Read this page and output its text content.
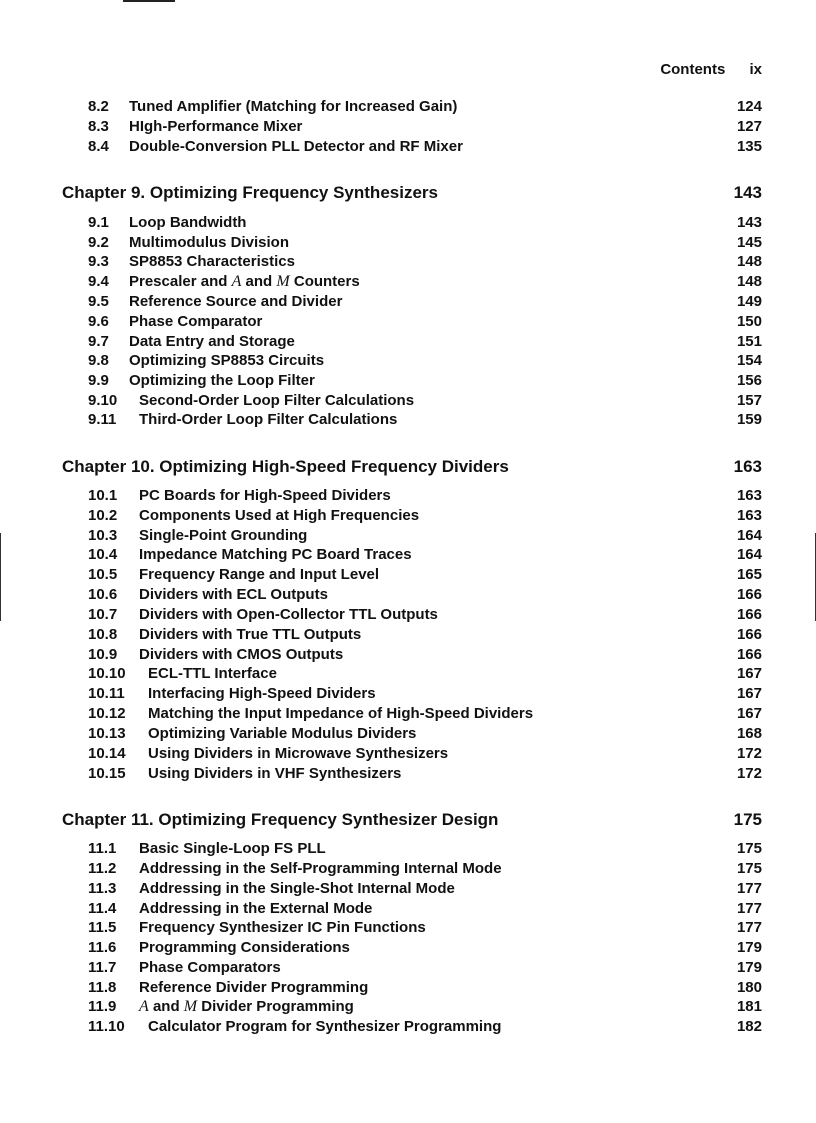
Contents ix
8.2 Tuned Amplifier (Matching for Increased Gain)	124
8.3 HIgh-Performance Mixer	127
8.4 Double-Conversion PLL Detector and RF Mixer	135
Chapter 9. Optimizing Frequency Synthesizers	143
9.1 Loop Bandwidth	143
9.2 Multimodulus Division	145
9.3 SP8853 Characteristics	148
9.4 Prescaler and A and M Counters	148
9.5 Reference Source and Divider	149
9.6 Phase Comparator	150
9.7 Data Entry and Storage	151
9.8 Optimizing SP8853 Circuits	154
9.9 Optimizing the Loop Filter	156
9.10 Second-Order Loop Filter Calculations	157
9.11 Third-Order Loop Filter Calculations	159
Chapter 10. Optimizing High-Speed Frequency Dividers	163
10.1 PC Boards for High-Speed Dividers	163
10.2 Components Used at High Frequencies	163
10.3 Single-Point Grounding	164
10.4 Impedance Matching PC Board Traces	164
10.5 Frequency Range and Input Level	165
10.6 Dividers with ECL Outputs	166
10.7 Dividers with Open-Collector TTL Outputs	166
10.8 Dividers with True TTL Outputs	166
10.9 Dividers with CMOS Outputs	166
10.10 ECL-TTL Interface	167
10.11 Interfacing High-Speed Dividers	167
10.12 Matching the Input Impedance of High-Speed Dividers	167
10.13 Optimizing Variable Modulus Dividers	168
10.14 Using Dividers in Microwave Synthesizers	172
10.15 Using Dividers in VHF Synthesizers	172
Chapter 11. Optimizing Frequency Synthesizer Design	175
11.1 Basic Single-Loop FS PLL	175
11.2 Addressing in the Self-Programming Internal Mode	175
11.3 Addressing in the Single-Shot Internal Mode	177
11.4 Addressing in the External Mode	177
11.5 Frequency Synthesizer IC Pin Functions	177
11.6 Programming Considerations	179
11.7 Phase Comparators	179
11.8 Reference Divider Programming	180
11.9 A and M Divider Programming	181
11.10 Calculator Program for Synthesizer Programming	182
